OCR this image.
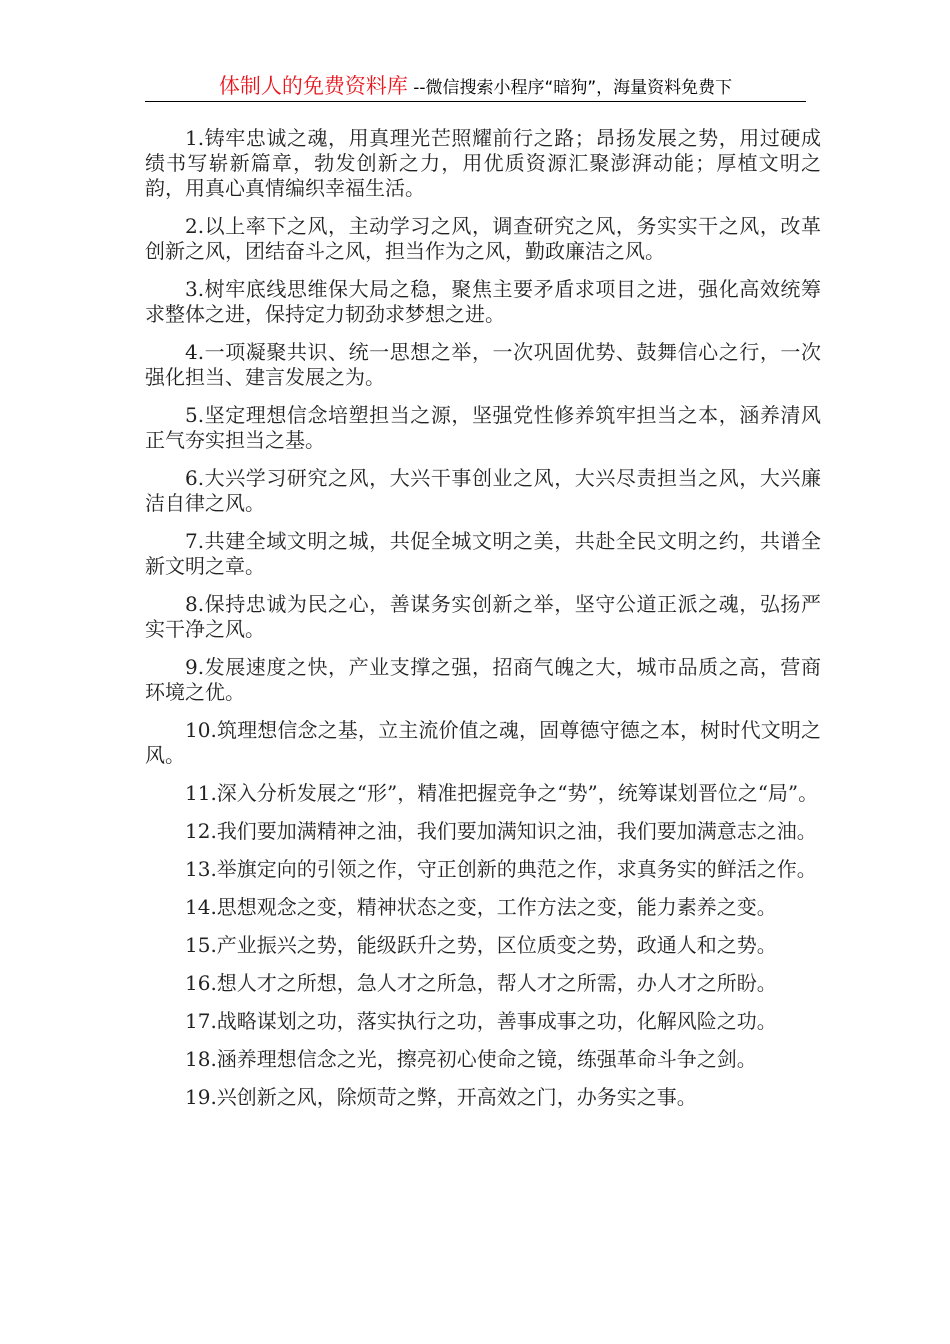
体制人的免费资料库 --微信搜索小程序“暗狗”，海量资料免费下

1.铸牢忠诚之魂，用真理光芒照耀前行之路；昂扬发展之势，用过硬成绩书写崭新篇章，勃发创新之力，用优质资源汇聚澎湃动能；厚植文明之韵，用真心真情编织幸福生活。

2.以上率下之风，主动学习之风，调查研究之风，务实实干之风，改革创新之风，团结奋斗之风，担当作为之风，勤政廉洁之风。

3.树牢底线思维保大局之稳，聚焦主要矛盾求项目之进，强化高效统筹求整体之进，保持定力韧劲求梦想之进。

4.一项凝聚共识、统一思想之举，一次巩固优势、鼓舞信心之行，一次强化担当、建言发展之为。

5.坚定理想信念培塑担当之源，坚强党性修养筑牢担当之本，涵养清风正气夯实担当之基。

6.大兴学习研究之风，大兴干事创业之风，大兴尽责担当之风，大兴廉洁自律之风。

7.共建全域文明之城，共促全城文明之美，共赴全民文明之约，共谱全新文明之章。

8.保持忠诚为民之心，善谋务实创新之举，坚守公道正派之魂，弘扬严实干净之风。

9.发展速度之快，产业支撑之强，招商气魄之大，城市品质之高，营商环境之优。

10.筑理想信念之基，立主流价值之魂，固尊德守德之本，树时代文明之风。

11.深入分析发展之“形”，精准把握竞争之“势”，统筹谋划晋位之“局”。

12.我们要加满精神之油，我们要加满知识之油，我们要加满意志之油。

13.举旗定向的引领之作，守正创新的典范之作，求真务实的鲜活之作。

14.思想观念之变，精神状态之变，工作方法之变，能力素养之变。

15.产业振兴之势，能级跃升之势，区位质变之势，政通人和之势。

16.想人才之所想，急人才之所急，帮人才之所需，办人才之所盼。

17.战略谋划之功，落实执行之功，善事成事之功，化解风险之功。

18.涵养理想信念之光，擦亮初心使命之镜，练强革命斗争之剑。

19.兴创新之风，除烦苛之弊，开高效之门，办务实之事。
